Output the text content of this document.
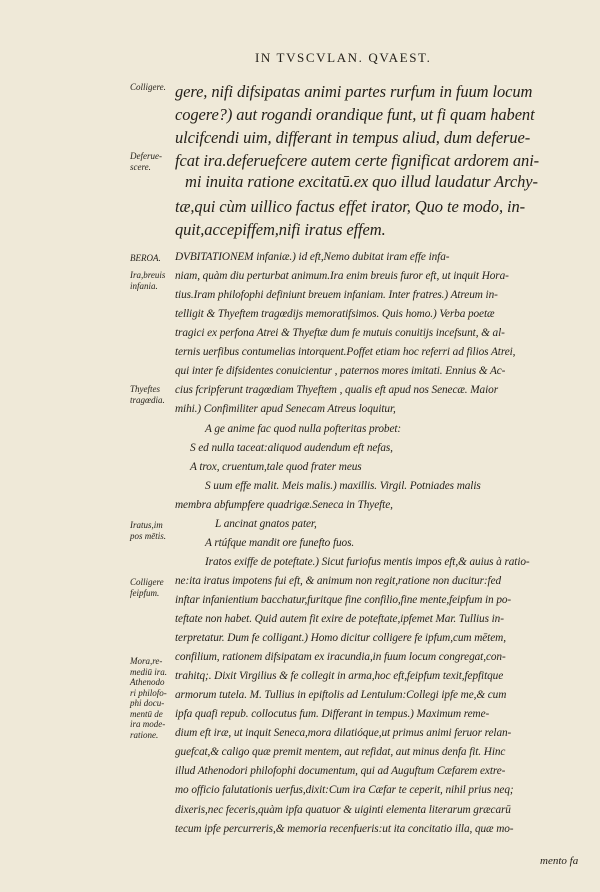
IN TVSCVLAN. QVAEST.
Colligere.
Deferue-
scere.
BEROA.
Ira,breuis
infania.
Thyeftes
tragœdia.
Iratus,im
pos mētis.
Colligere
feipfum.
Mora,re-
mediū ira.
Athenodo
ri philofo-
phi docu-
mentū de
ira mode-
ratione.
gere, nifi difsipatas animi partes rurfum in fuum locum
cogere?) aut rogandi orandique funt, ut fi quam habent
ulcifcendi uim, differant in tempus aliud, dum deferue-
fcat ira.deferuefcere autem certe fignificat ardorem ani-
mi inuita ratione excitatū.ex quo illud laudatur Archy-
tæ,qui cùm uillico factus effet irator, Quo te modo, in-
quit,accepiffem,nifi iratus effem.
DVBITATIONEM infaniæ.) id eft,Nemo dubitat iram effe infa-
niam, quàm diu perturbat animum.Ira enim breuis furor eft, ut inquit Hora-
tius.Iram philofophi definiunt breuem infaniam. Inter fratres.) Atreum in-
telligit & Thyeftem tragœdijs memoratifsimos. Quis homo.) Verba poetæ
tragici ex perfona Atrei & Thyeftæ dum fe mutuis conuitijs incefsunt, & al-
ternis uerfibus contumelias intorquent.Poffet etiam hoc referri ad filios Atrei,
qui inter fe difsidentes conuicientur , paternos mores imitati. Ennius & Ac-
cius fcripferunt tragœdiam Thyeftem , qualis eft apud nos Senecæ. Maior
mihi.) Confimiliter apud Senecam Atreus loquitur,
A ge anime fac quod nulla pofteritas probet:
S ed nulla taceat:aliquod audendum eft nefas,
A trox, cruentum,tale quod frater meus
S uum effe malit. Meis malis.) maxillis. Virgil. Potniades malis
membra abfumpfere quadrigæ.Seneca in Thyefte,
L ancinat gnatos pater,
A rtúfque mandit ore funefto fuos.
Iratos exiffe de poteftate.) Sicut furiofus mentis impos eft,& auius à ratio-
ne:ita iratus impotens fui eft, & animum non regit,ratione non ducitur:fed
inftar infanientium bacchatur,furitque fine confilio,fine mente,feipfum in po-
teftate non habet. Quid autem fit exire de poteftate,ipfemet Mar. Tullius in-
terpretatur. Dum fe colligant.) Homo dicitur colligere fe ipfum,cum mētem,
confilium, rationem difsipatam ex iracundia,in fuum locum congregat,con-
trahitq;. Dixit Virgilius & fe collegit in arma,hoc eft,feipfum texit,fepfitque
armorum tutela. M. Tullius in epiftolis ad Lentulum:Collegi ipfe me,& cum
ipfa quafi repub. collocutus fum. Differant in tempus.) Maximum reme-
dium eft iræ, ut inquit Seneca,mora dilatióque,ut primus animi feruor relan-
guefcat,& caligo quæ premit mentem, aut refidat, aut minus denfa fit. Hinc
illud Athenodori philofophi documentum, qui ad Auguftum Cæfarem extre-
mo officio falutationis uerfus,dixit:Cum ira Cæfar te ceperit, nihil prius neq;
dixeris,nec feceris,quàm ipfa quatuor & uiginti elementa literarum græcarū
tecum ipfe percurreris,& memoria recenfueris:ut ita concitatio illa, quæ mo-
mento fa
